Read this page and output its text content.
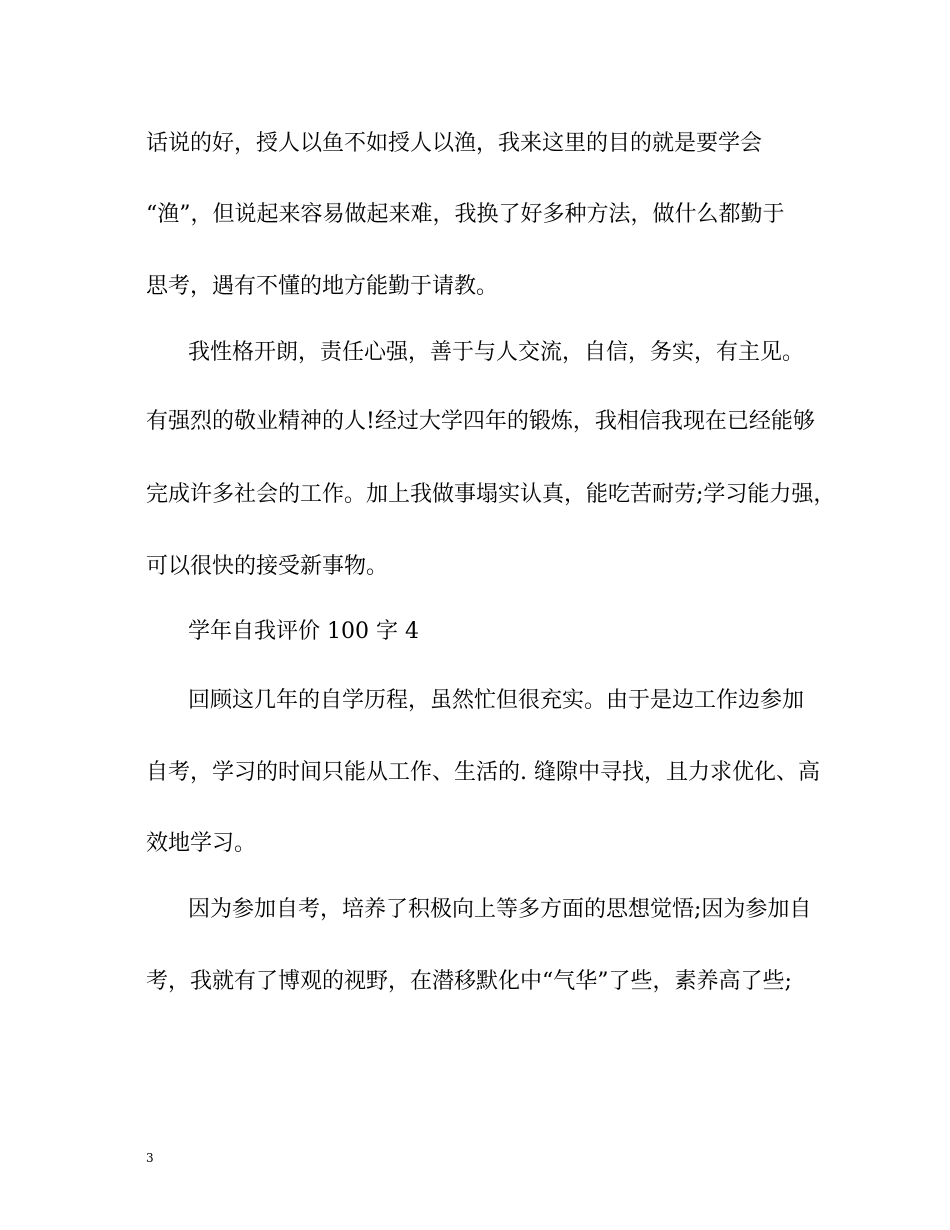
话说的好，授人以鱼不如授人以渔，我来这里的目的就是要学会
“渔”，但说起来容易做起来难，我换了好多种方法，做什么都勤于
思考，遇有不懂的地方能勤于请教。
我性格开朗，责任心强，善于与人交流，自信，务实，有主见。
有强烈的敬业精神的人!经过大学四年的锻炼，我相信我现在已经能够
完成许多社会的工作。加上我做事塌实认真，能吃苦耐劳;学习能力强，
可以很快的接受新事物。
学年自我评价 100 字 4
回顾这几年的自学历程，虽然忙但很充实。由于是边工作边参加
自考，学习的时间只能从工作、生活的. 缝隙中寻找，且力求优化、高
效地学习。
因为参加自考，培养了积极向上等多方面的思想觉悟;因为参加自
考，我就有了博观的视野，在潜移默化中“气华”了些，素养高了些;
3
